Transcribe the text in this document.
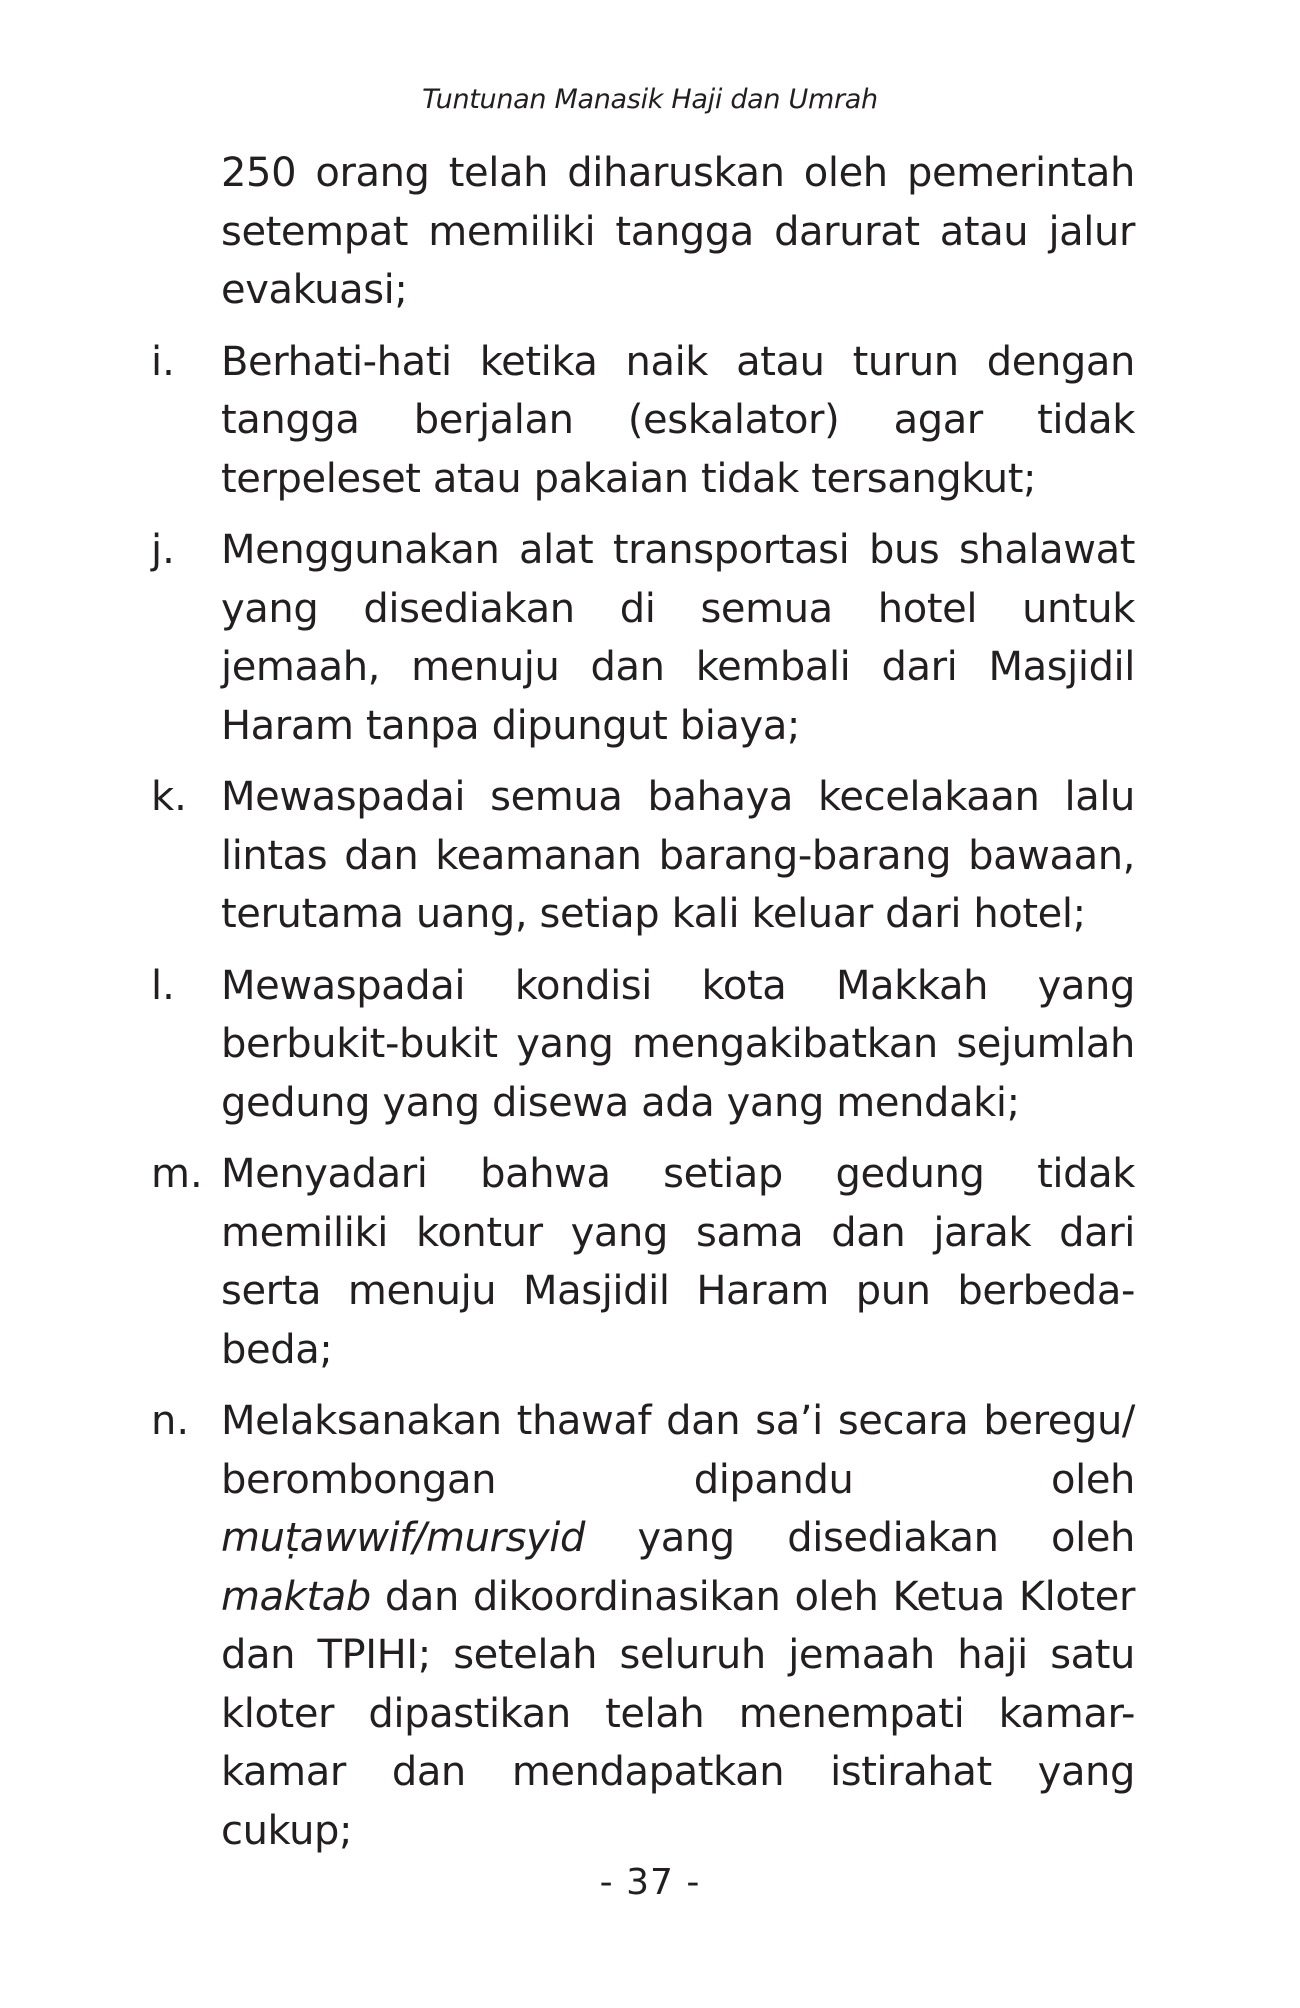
Tuntunan Manasik Haji dan Umrah
250 orang telah diharuskan oleh pemerintah setempat memiliki tangga darurat atau jalur evakuasi;
i. Berhati-hati ketika naik atau turun dengan tangga berjalan (eskalator) agar tidak terpeleset atau pakaian tidak tersangkut;
j. Menggunakan alat transportasi bus shalawat yang disediakan di semua hotel untuk jemaah, menuju dan kembali dari Masjidil Haram tanpa dipungut biaya;
k. Mewaspadai semua bahaya kecelakaan lalu lintas dan keamanan barang-barang bawaan, terutama uang, setiap kali keluar dari hotel;
l. Mewaspadai kondisi kota Makkah yang berbukit-bukit yang mengakibatkan sejumlah gedung yang disewa ada yang mendaki;
m. Menyadari bahwa setiap gedung tidak memiliki kontur yang sama dan jarak dari serta menuju Masjidil Haram pun berbeda-beda;
n. Melaksanakan thawaf dan sa’i secara beregu/ berombongan dipandu oleh muṭawwif/mursyid yang disediakan oleh maktab dan dikoordinasikan oleh Ketua Kloter dan TPIHI; setelah seluruh jemaah haji satu kloter dipastikan telah menempati kamar-kamar dan mendapatkan istirahat yang cukup;
- 37 -
